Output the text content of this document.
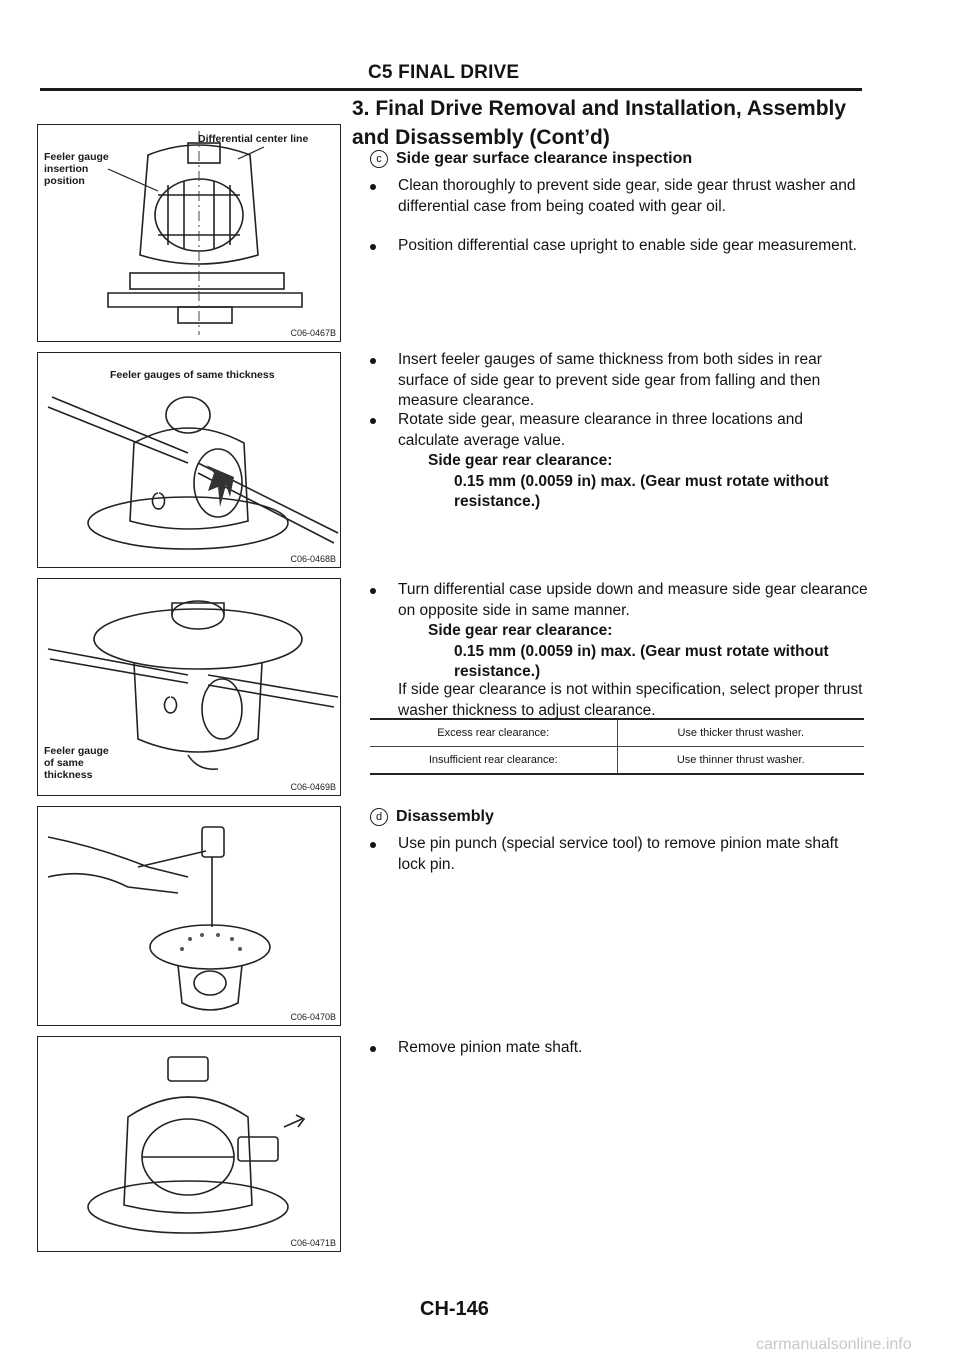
C5 FINAL DRIVE
3. Final Drive Removal and Installation, Assembly and Disassembly (Cont’d)
Differential center line
Feeler gauge insertion position
C06-0467B
Feeler gauges of same thickness
C06-0468B
Feeler gauge of same thickness
C06-0469B
C06-0470B
C06-0471B
c Side gear surface clearance inspection
Clean thoroughly to prevent side gear, side gear thrust washer and differential case from being coated with gear oil.
Position differential case upright to enable side gear measurement.
Insert feeler gauges of same thickness from both sides in rear surface of side gear to prevent side gear from falling and then measure clearance.
Rotate side gear, measure clearance in three locations and calculate average value.
Side gear rear clearance:
0.15 mm (0.0059 in) max. (Gear must rotate without resistance.)
Turn differential case upside down and measure side gear clearance on opposite side in same manner.
Side gear rear clearance:
0.15 mm (0.0059 in) max. (Gear must rotate without resistance.)
If side gear clearance is not within specification, select proper thrust washer thickness to adjust clearance.
Excess rear clearance:	Use thicker thrust washer.
Insufficient rear clearance:	Use thinner thrust washer.
d Disassembly
Use pin punch (special service tool) to remove pinion mate shaft lock pin.
Remove pinion mate shaft.
CH-146
carmanualsonline.info
